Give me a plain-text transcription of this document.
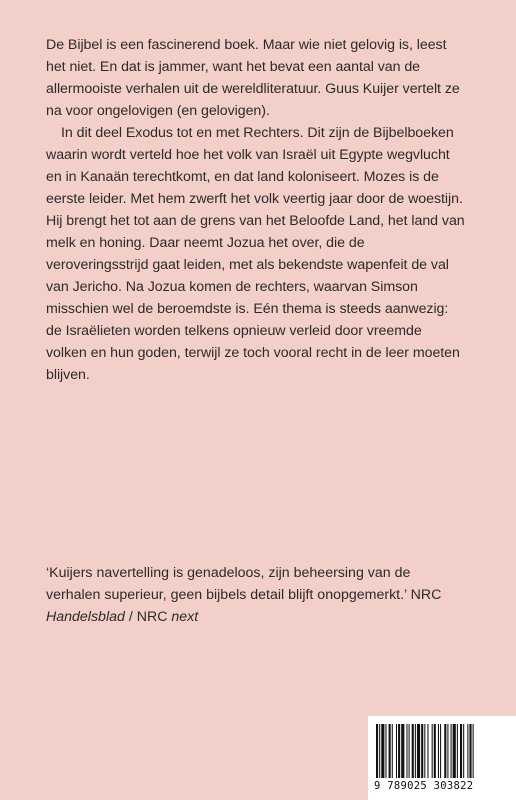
De Bijbel is een fascinerend boek. Maar wie niet gelovig is, leest het niet. En dat is jammer, want het bevat een aantal van de allermooiste verhalen uit de wereldliteratuur. Guus Kuijer vertelt ze na voor ongelovigen (en gelovigen).

In dit deel Exodus tot en met Rechters. Dit zijn de Bijbelboeken waarin wordt verteld hoe het volk van Israël uit Egypte wegvlucht en in Kanaän terechtkomt, en dat land koloniseert. Mozes is de eerste leider. Met hem zwerft het volk veertig jaar door de woestijn. Hij brengt het tot aan de grens van het Beloofde Land, het land van melk en honing. Daar neemt Jozua het over, die de veroveringsstrijd gaat leiden, met als bekendste wapenfeit de val van Jericho. Na Jozua komen de rechters, waarvan Simson misschien wel de beroemdste is. Eén thema is steeds aanwezig: de Israëlieten worden telkens opnieuw verleid door vreemde volken en hun goden, terwijl ze toch vooral recht in de leer moeten blijven.

‘Kuijers navertelling is genadeloos, zijn beheersing van de verhalen superieur, geen bijbels detail blijft onopgemerkt.’ NRC
Handelsblad / NRC next
9 789025 303822
